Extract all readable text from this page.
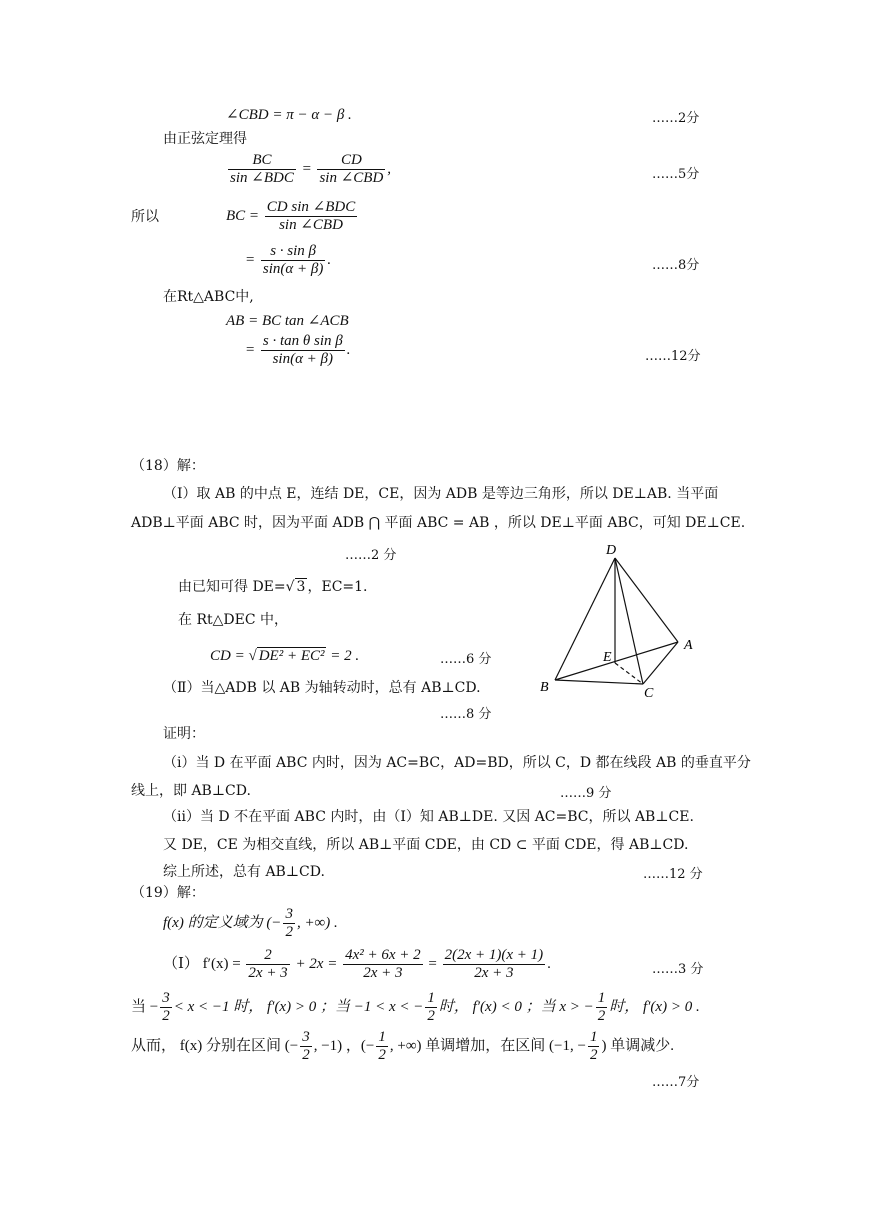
∠CBD = π − α − β .	……2分
由正弦定理得
$\frac{BC}{\text{sin ∠BDC}} = \frac{CD}{\text{sin ∠CBD}}$ ,	……5分
所以	BC = $\frac{\text{CD sin ∠BDC}}{\text{sin ∠CBD}}$
= $\frac{\text{s · sin β}}{\sin(\alpha + \beta)}$ .	……8分
在Rt△ABC中,
AB = BC tan ∠ACB
= $\frac{\text{s · tan θ sin β}}{\sin(\alpha + \beta)}$ .	……12分
（18）解：
（Ⅰ）取 AB 的中点 E，连结 DE，CE，因为 ADB 是等边三角形，所以 DE⊥AB. 当平面
ADB⊥平面 ABC 时，因为平面 ADB ⋂ 平面 ABC = AB ，所以 DE⊥平面 ABC，可知 DE⊥CE.
……2 分
由已知可得 DE=√ 3 ，EC=1.
在 Rt△DEC 中，
CD = √ DE² + EC² = 2 .	……6 分
（Ⅱ）当△ADB 以 AB 为轴转动时，总有 AB⊥CD.
……8 分
证明：
（ⅰ）当 D 在平面 ABC 内时，因为 AC=BC，AD=BD，所以 C，D 都在线段 AB 的垂直平分
线上，即 AB⊥CD.	……9 分
（ⅱ）当 D 不在平面 ABC 内时，由（Ⅰ）知 AB⊥DE. 又因 AC=BC，所以 AB⊥CE.
又 DE，CE 为相交直线，所以 AB⊥平面 CDE，由 CD ⊂ 平面 CDE，得 AB⊥CD.
综上所述，总有 AB⊥CD.	……12 分
D
A
B	C
E
（19）解：
f(x) 的定义域为 (− $\frac{3}{2}$ , +∞) .
（Ⅰ） $f'(x) = \frac{2}{2x + 3} + 2x = \frac{\text{4x² + 6x + 2}}{2x + 3} = \frac{2(2x + 1)(x + 1)}{2x + 3}$ .	……3 分
当 − $\frac{3}{2} < x < -1$ 时， f′(x) > 0 ；当 −1 < x < − $\frac{1}{2}$ 时， f′(x) < 0 ；当 x > − $\frac{1}{2}$ 时， f′(x) > 0 .
从而， f(x) 分别在区间 (− $\frac{3}{2}$ , −1) ，(− $\frac{1}{2}$ , +∞) 单调增加，在区间 (−1, − $\frac{1}{2}$ ) 单调减少.
……7分
